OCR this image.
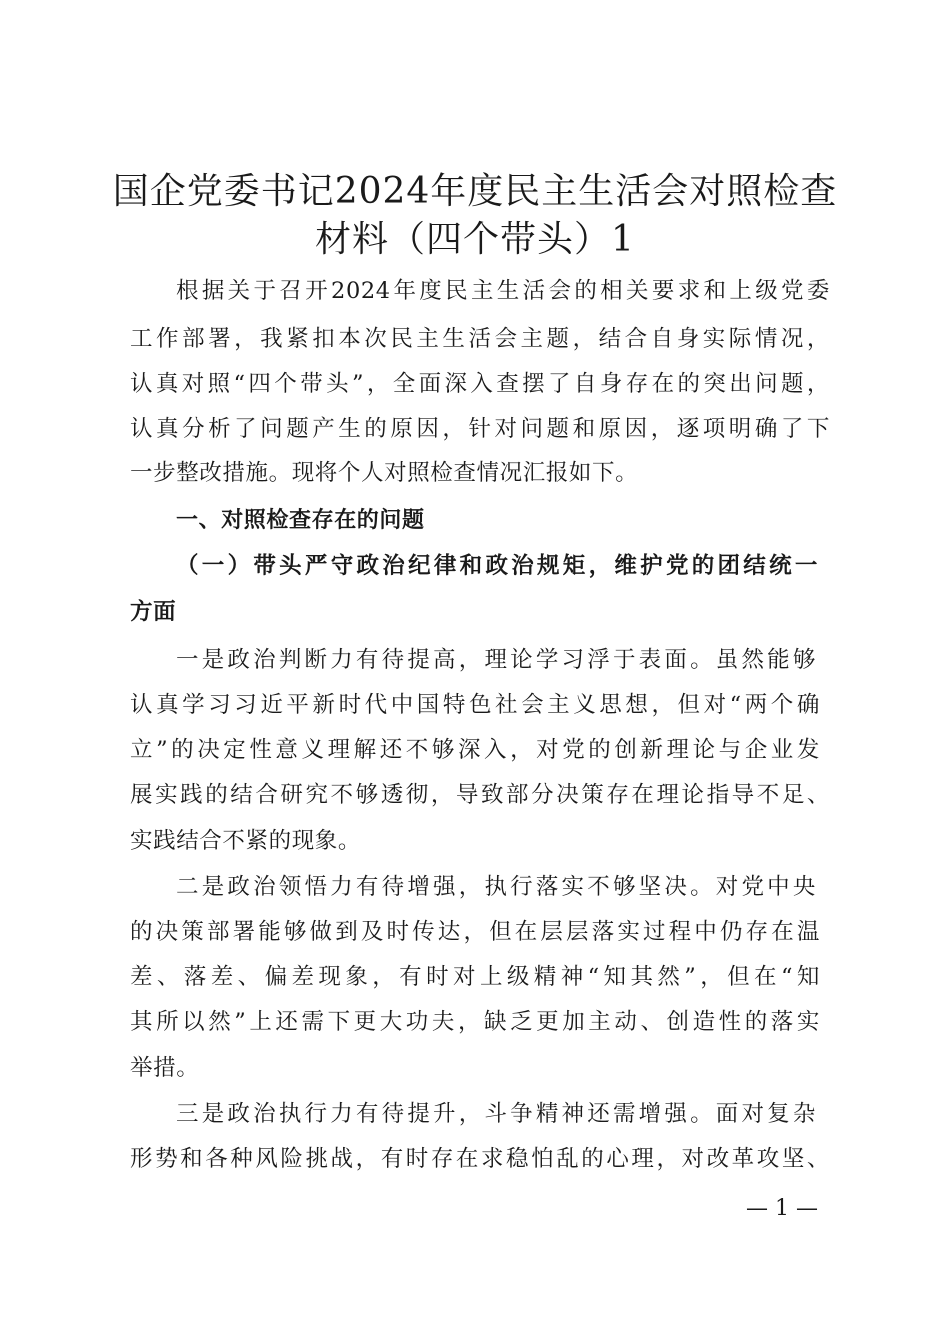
国企党委书记2024年度民主生活会对照检查
材料（四个带头）1
根据关于召开2024年度民主生活会的相关要求和上级党委
工作部署，我紧扣本次民主生活会主题，结合自身实际情况，
认真对照“四个带头”，全面深入查摆了自身存在的突出问题，
认真分析了问题产生的原因，针对问题和原因，逐项明确了下
一步整改措施。现将个人对照检查情况汇报如下。
一、对照检查存在的问题
（一）带头严守政治纪律和政治规矩，维护党的团结统一
方面
一是政治判断力有待提高，理论学习浮于表面。虽然能够
认真学习习近平新时代中国特色社会主义思想，但对“两个确
立”的决定性意义理解还不够深入，对党的创新理论与企业发
展实践的结合研究不够透彻，导致部分决策存在理论指导不足、
实践结合不紧的现象。
二是政治领悟力有待增强，执行落实不够坚决。对党中央
的决策部署能够做到及时传达，但在层层落实过程中仍存在温
差、落差、偏差现象，有时对上级精神“知其然”，但在“知
其所以然”上还需下更大功夫，缺乏更加主动、创造性的落实
举措。
三是政治执行力有待提升，斗争精神还需增强。面对复杂
形势和各种风险挑战，有时存在求稳怕乱的心理，对改革攻坚、
— 1 —
